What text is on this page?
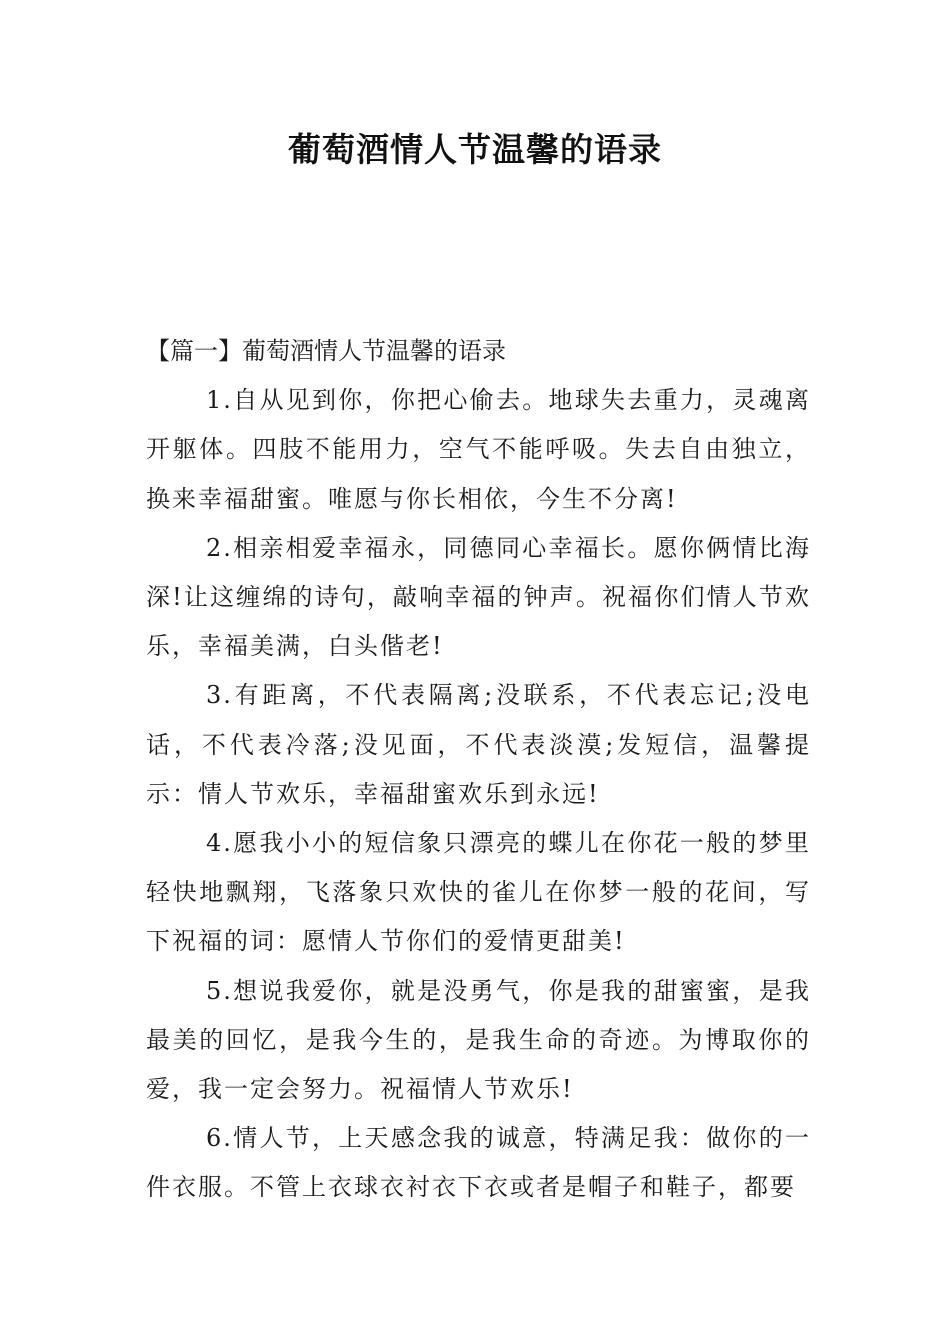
葡萄酒情人节温馨的语录

【篇一】葡萄酒情人节温馨的语录

1.自从见到你，你把心偷去。地球失去重力，灵魂离开躯体。四肢不能用力，空气不能呼吸。失去自由独立，换来幸福甜蜜。唯愿与你长相依，今生不分离!

2.相亲相爱幸福永，同德同心幸福长。愿你俩情比海深!让这缠绵的诗句，敲响幸福的钟声。祝福你们情人节欢乐，幸福美满，白头偕老!

3.有距离，不代表隔离;没联系，不代表忘记;没电话，不代表冷落;没见面，不代表淡漠;发短信，温馨提示：情人节欢乐，幸福甜蜜欢乐到永远!

4.愿我小小的短信象只漂亮的蝶儿在你花一般的梦里轻快地飘翔，飞落象只欢快的雀儿在你梦一般的花间，写下祝福的词：愿情人节你们的爱情更甜美!

5.想说我爱你，就是没勇气，你是我的甜蜜蜜，是我最美的回忆，是我今生的，是我生命的奇迹。为博取你的爱，我一定会努力。祝福情人节欢乐!

6.情人节，上天感念我的诚意，特满足我：做你的一件衣服。不管上衣球衣衬衣下衣或者是帽子和鞋子，都要
